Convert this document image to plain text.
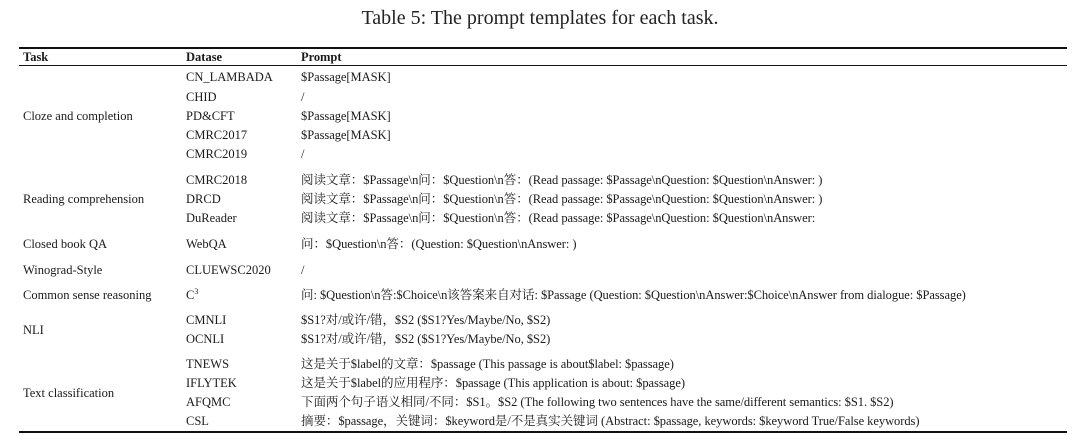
Table 5: The prompt templates for each task.
Task	Datase	Prompt
Cloze and completion
CN_LAMBADA $Passage[MASK]
CHID	/
PD&CFT	$Passage[MASK]
CMRC2017	$Passage[MASK]
CMRC2019	/
Reading comprehension
CMRC2018	阅读文章：$Passage\n问：$Question\n答：(Read passage: $Passage\nQuestion: $Question\nAnswer: )
DRCD	阅读文章：$Passage\n问：$Question\n答：(Read passage: $Passage\nQuestion: $Question\nAnswer: )
DuReader	阅读文章：$Passage\n问：$Question\n答：(Read passage: $Passage\nQuestion: $Question\nAnswer:
Closed book QA	WebQA	问：$Question\n答：(Question: $Question\nAnswer: )
Winograd-Style	CLUEWSC2020 /
Common sense reasoning	$C^3$	问: $Question\n答:$Choice\n该答案来自对话: $Passage (Question: $Question\nAnswer:$Choice\nAnswer from dialogue: $Passage)
NLI
CMNLI	$S1?对/或许/错，$S2 ($S1?Yes/Maybe/No, $S2)
OCNLI	$S1?对/或许/错，$S2 ($S1?Yes/Maybe/No, $S2)
Text classification
TNEWS	这是关于$label的文章：$passage (This passage is about$label: $passage)
IFLYTEK	这是关于$label的应用程序：$passage (This application is about: $passage)
AFQMC	下面两个句子语义相同/不同：$S1。$S2 (The following two sentences have the same/different semantics: $S1. $S2)
CSL	摘要：$passage，关键词：$keyword是/不是真实关键词 (Abstract: $passage, keywords: $keyword True/False keywords)
